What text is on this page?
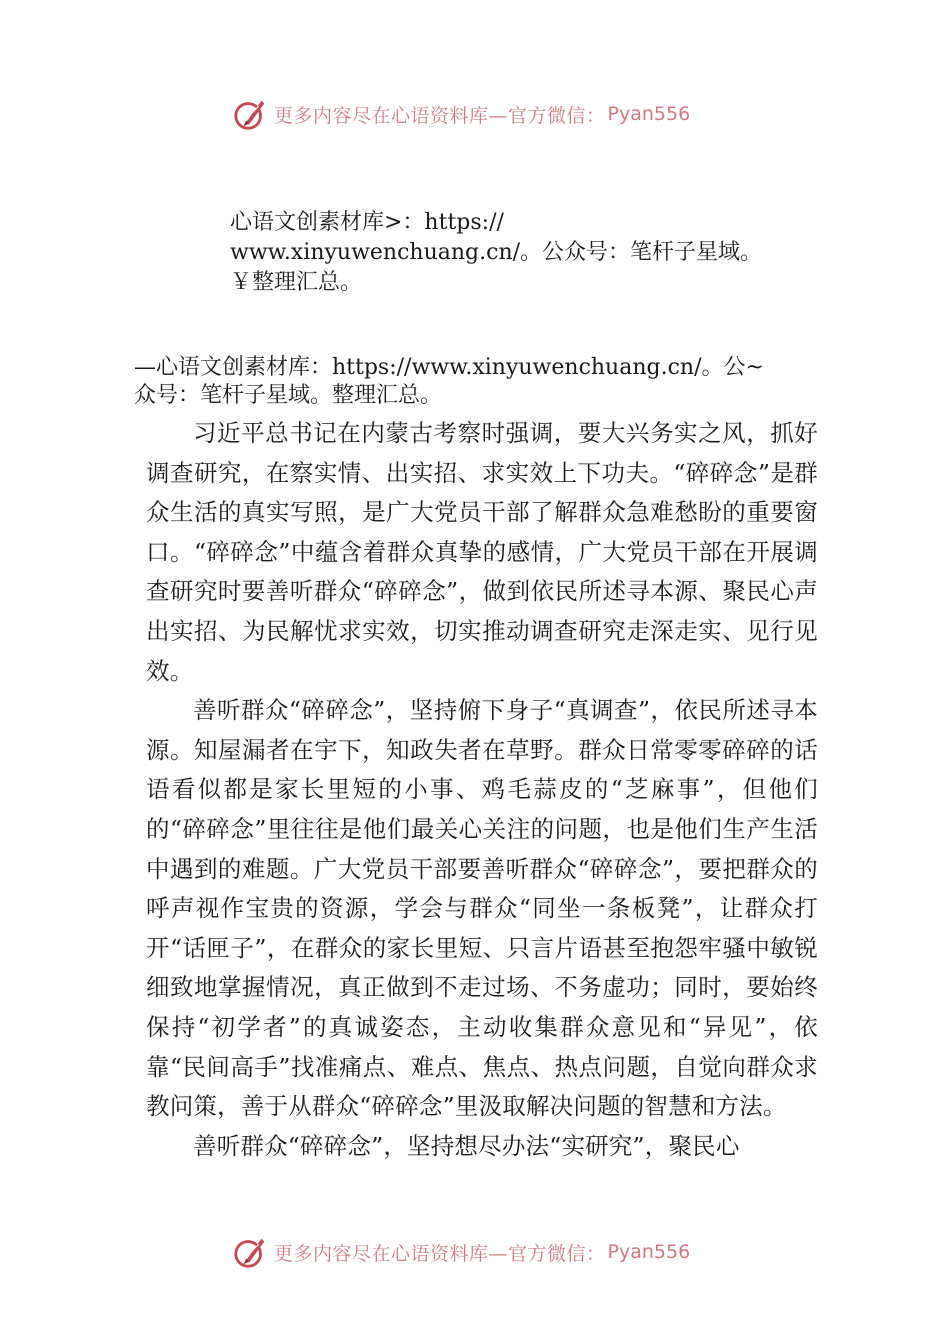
更多内容尽在心语资料库—官方微信： Pyan556
心语文创素材库>：https://
www.xinyuwenchuang.cn/。公众号：笔杆子星域。
￥整理汇总。
—心语文创素材库：https://www.xinyuwenchuang.cn/。公~
众号：笔杆子星域。整理汇总。

习近平总书记在内蒙古考察时强调，要大兴务实之风，抓好调查研究，在察实情、出实招、求实效上下功夫。“碎碎念”是群众生活的真实写照，是广大党员干部了解群众急难愁盼的重要窗口。“碎碎念”中蕴含着群众真挚的感情，广大党员干部在开展调查研究时要善听群众“碎碎念”，做到依民所述寻本源、聚民心声出实招、为民解忧求实效，切实推动调查研究走深走实、见行见效。

善听群众“碎碎念”，坚持俯下身子“真调查”，依民所述寻本源。知屋漏者在宇下，知政失者在草野。群众日常零零碎碎的话语看似都是家长里短的小事、鸡毛蒜皮的“芝麻事”，但他们的“碎碎念”里往往是他们最关心关注的问题，也是他们生产生活中遇到的难题。广大党员干部要善听群众“碎碎念”，要把群众的呼声视作宝贵的资源，学会与群众“同坐一条板凳”，让群众打开“话匣子”，在群众的家长里短、只言片语甚至抱怨牢骚中敏锐细致地掌握情况，真正做到不走过场、不务虚功；同时，要始终保持“初学者”的真诚姿态，主动收集群众意见和“异见”，依靠“民间高手”找准痛点、难点、焦点、热点问题，自觉向群众求教问策，善于从群众“碎碎念”里汲取解决问题的智慧和方法。

善听群众“碎碎念”，坚持想尽办法“实研究”，聚民心

更多内容尽在心语资料库—官方微信： Pyan556
